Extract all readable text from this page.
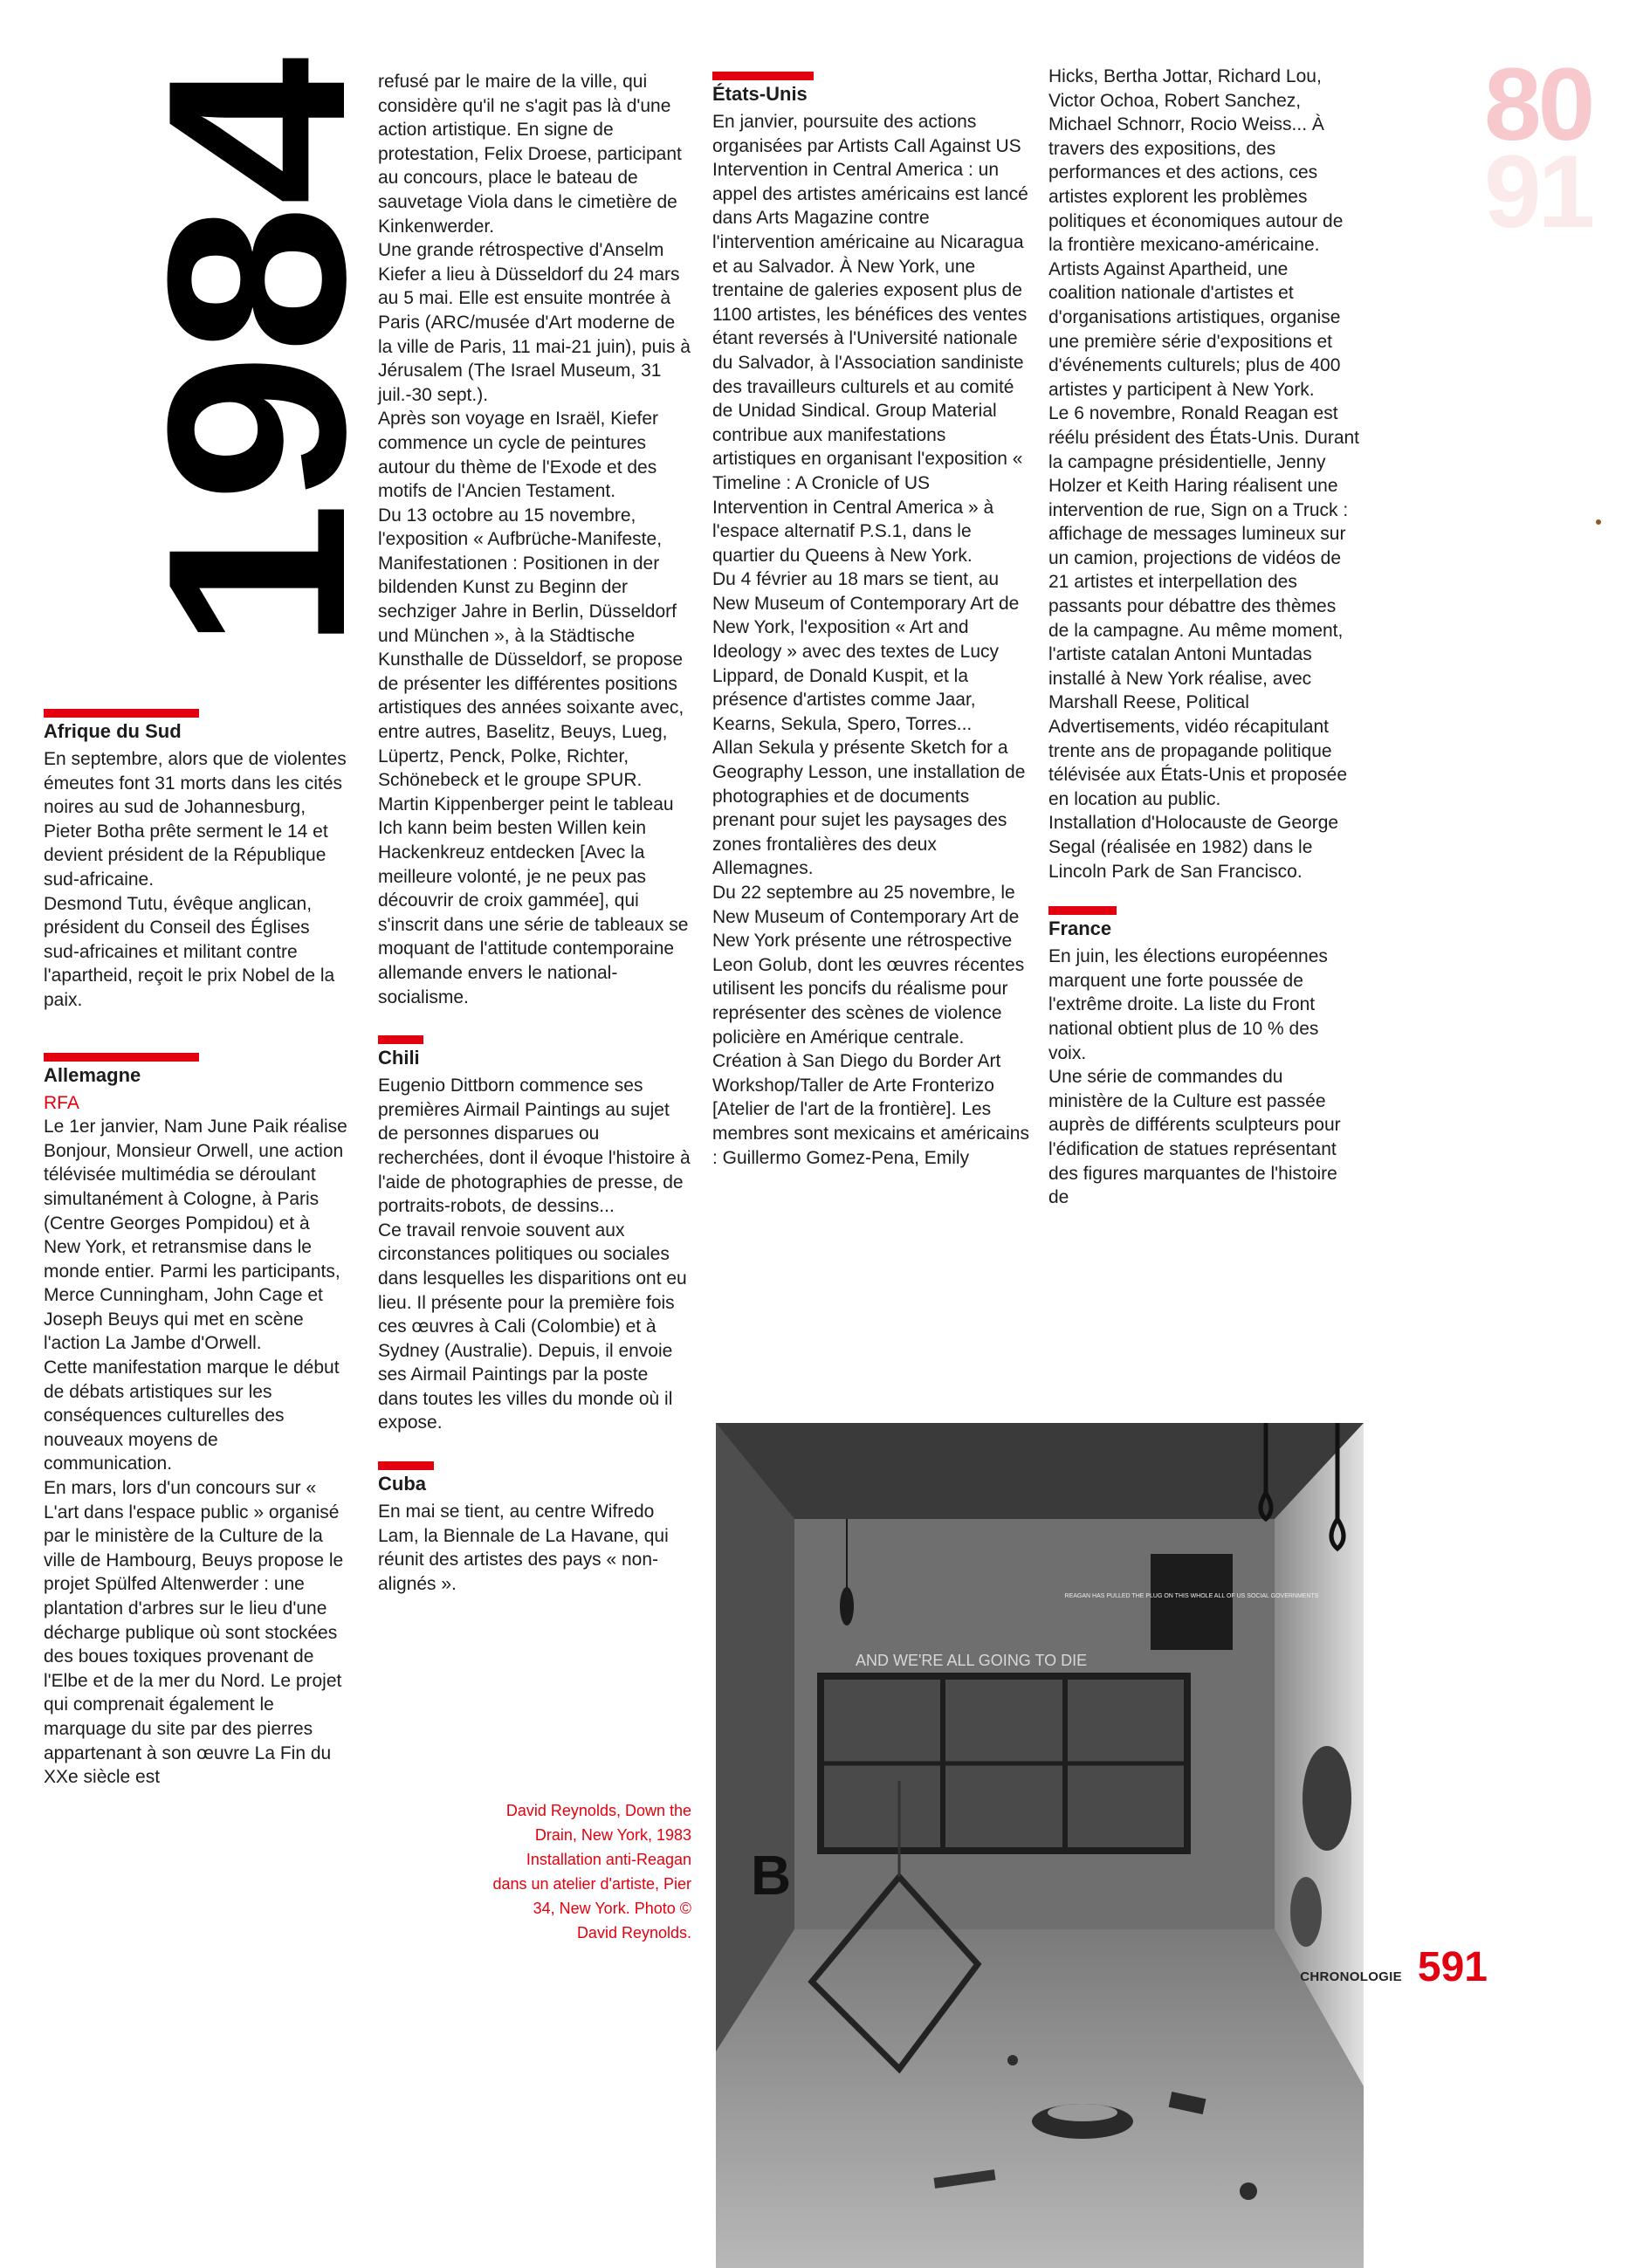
1984	80
91
Afrique du Sud

En septembre, alors que de violentes émeutes font 31 morts dans les cités noires au sud de Johannesburg, Pieter Botha prête serment le 14 et devient président de la République sud-africaine.

Desmond Tutu, évêque anglican, président du Conseil des Églises sud-africaines et militant contre l'apartheid, reçoit le prix Nobel de la paix.

Allemagne
RFA

Le 1er janvier, Nam June Paik réalise Bonjour, Monsieur Orwell, une action télévisée multimédia se déroulant simultanément à Cologne, à Paris (Centre Georges Pompidou) et à New York, et retransmise dans le monde entier. Parmi les participants, Merce Cunningham, John Cage et Joseph Beuys qui met en scène l'action La Jambe d'Orwell.

Cette manifestation marque le début de débats artistiques sur les conséquences culturelles des nouveaux moyens de communication.

En mars, lors d'un concours sur « L'art dans l'espace public » organisé par le ministère de la Culture de la ville de Hambourg, Beuys propose le projet Spülfed Altenwerder : une plantation d'arbres sur le lieu d'une décharge publique où sont stockées des boues toxiques provenant de l'Elbe et de la mer du Nord. Le projet qui comprenait également le marquage du site par des pierres appartenant à son œuvre La Fin du XXe siècle est

refusé par le maire de la ville, qui considère qu'il ne s'agit pas là d'une action artistique. En signe de protestation, Felix Droese, participant au concours, place le bateau de sauvetage Viola dans le cimetière de Kinkenwerder.

Une grande rétrospective d'Anselm Kiefer a lieu à Düsseldorf du 24 mars au 5 mai. Elle est ensuite montrée à Paris (ARC/musée d'Art moderne de la ville de Paris, 11 mai-21 juin), puis à Jérusalem (The Israel Museum, 31 juil.-30 sept.).

Après son voyage en Israël, Kiefer commence un cycle de peintures autour du thème de l'Exode et des motifs de l'Ancien Testament.

Du 13 octobre au 15 novembre, l'exposition « Aufbrüche-Manifeste, Manifestationen : Positionen in der bildenden Kunst zu Beginn der sechziger Jahre in Berlin, Düsseldorf und München », à la Städtische Kunsthalle de Düsseldorf, se propose de présenter les différentes positions artistiques des années soixante avec, entre autres, Baselitz, Beuys, Lueg, Lüpertz, Penck, Polke, Richter, Schönebeck et le groupe SPUR.

Martin Kippenberger peint le tableau Ich kann beim besten Willen kein Hackenkreuz entdecken [Avec la meilleure volonté, je ne peux pas découvrir de croix gammée], qui s'inscrit dans une série de tableaux se moquant de l'attitude contemporaine allemande envers le national-socialisme.

Chili

Eugenio Dittborn commence ses premières Airmail Paintings au sujet de personnes disparues ou recherchées, dont il évoque l'histoire à l'aide de photographies de presse, de portraits-robots, de dessins...

Ce travail renvoie souvent aux circonstances politiques ou sociales dans lesquelles les disparitions ont eu lieu. Il présente pour la première fois ces œuvres à Cali (Colombie) et à Sydney (Australie). Depuis, il envoie ses Airmail Paintings par la poste dans toutes les villes du monde où il expose.

Cuba

En mai se tient, au centre Wifredo Lam, la Biennale de La Havane, qui réunit des artistes des pays « non-alignés ».

États-Unis

En janvier, poursuite des actions organisées par Artists Call Against US Intervention in Central America : un appel des artistes américains est lancé dans Arts Magazine contre l'intervention américaine au Nicaragua et au Salvador. À New York, une trentaine de galeries exposent plus de 1100 artistes, les bénéfices des ventes étant reversés à l'Université nationale du Salvador, à l'Association sandiniste des travailleurs culturels et au comité de Unidad Sindical. Group Material contribue aux manifestations artistiques en organisant l'exposition « Timeline : A Cronicle of US Intervention in Central America » à l'espace alternatif P.S.1, dans le quartier du Queens à New York.

Du 4 février au 18 mars se tient, au New Museum of Contemporary Art de New York, l'exposition « Art and Ideology » avec des textes de Lucy Lippard, de Donald Kuspit, et la présence d'artistes comme Jaar, Kearns, Sekula, Spero, Torres...

Allan Sekula y présente Sketch for a Geography Lesson, une installation de photographies et de documents prenant pour sujet les paysages des zones frontalières des deux Allemagnes.

Du 22 septembre au 25 novembre, le New Museum of Contemporary Art de New York présente une rétrospective Leon Golub, dont les œuvres récentes utilisent les poncifs du réalisme pour représenter des scènes de violence policière en Amérique centrale.

Création à San Diego du Border Art Workshop/Taller de Arte Fronterizo [Atelier de l'art de la frontière]. Les membres sont mexicains et américains : Guillermo Gomez-Pena, Emily

Hicks, Bertha Jottar, Richard Lou, Victor Ochoa, Robert Sanchez, Michael Schnorr, Rocio Weiss... À travers des expositions, des performances et des actions, ces artistes explorent les problèmes politiques et économiques autour de la frontière mexicano-américaine.

Artists Against Apartheid, une coalition nationale d'artistes et d'organisations artistiques, organise une première série d'expositions et d'événements culturels; plus de 400 artistes y participent à New York.

Le 6 novembre, Ronald Reagan est réélu président des États-Unis. Durant la campagne présidentielle, Jenny Holzer et Keith Haring réalisent une intervention de rue, Sign on a Truck : affichage de messages lumineux sur un camion, projections de vidéos de 21 artistes et interpellation des passants pour débattre des thèmes de la campagne. Au même moment, l'artiste catalan Antoni Muntadas installé à New York réalise, avec Marshall Reese, Political Advertisements, vidéo récapitulant trente ans de propagande politique télévisée aux États-Unis et proposée en location au public.

Installation d'Holocauste de George Segal (réalisée en 1982) dans le Lincoln Park de San Francisco.

France

En juin, les élections européennes marquent une forte poussée de l'extrême droite. La liste du Front national obtient plus de 10 % des voix.

Une série de commandes du ministère de la Culture est passée auprès de différents sculpteurs pour l'édification de statues représentant des figures marquantes de l'histoire de

AND WE'RE ALL GOING TO DIE
REAGAN HAS PULLED THE PLUG ON THIS WHOLE ALL OF US SOCIAL GOVERNMENTS
B
David Reynolds, Down the Drain, New York, 1983 Installation anti-Reagan dans un atelier d'artiste, Pier 34, New York. Photo © David Reynolds.
CHRONOLOGIE 591
